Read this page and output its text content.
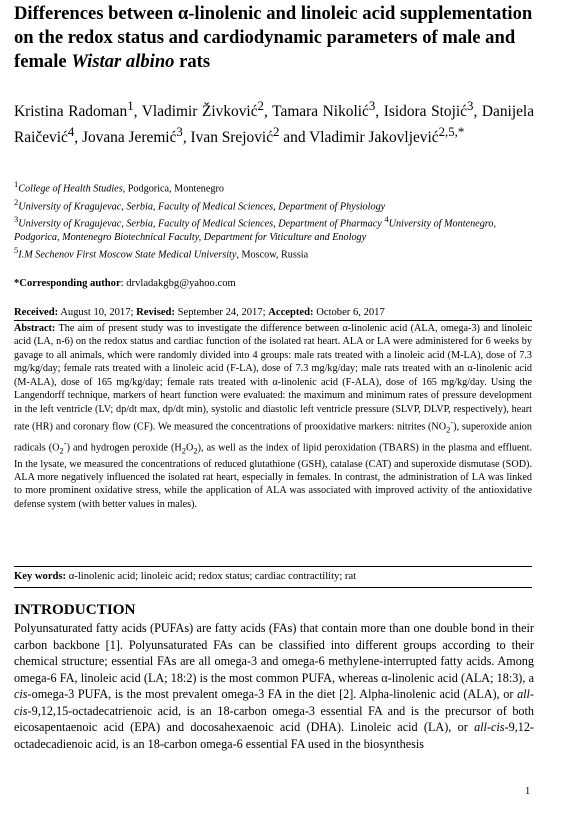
Differences between α-linolenic and linoleic acid supplementation on the redox status and cardiodynamic parameters of male and female Wistar albino rats
Kristina Radoman$^1$, Vladimir Živković$^2$, Tamara Nikolić$^3$, Isidora Stojić$^3$, Danijela Raičević$^4$, Jovana Jeremić$^3$, Ivan Srejović$^2$ and Vladimir Jakovljević$^{2,5,*}$
$^1$College of Health Studies, Podgorica, Montenegro
$^2$University of Kragujevac, Serbia, Faculty of Medical Sciences, Department of Physiology
$^3$University of Kragujevac, Serbia, Faculty of Medical Sciences, Department of Pharmacy $^4$University of Montenegro, Podgorica, Montenegro Biotechnical Faculty, Department for Viticulture and Enology
$^5$I.M Sechenov First Moscow State Medical University, Moscow, Russia
*Corresponding author: drvladakgbg@yahoo.com
Received: August 10, 2017; Revised: September 24, 2017; Accepted: October 6, 2017
Abstract: The aim of present study was to investigate the difference between α-linolenic acid (ALA, omega-3) and linoleic acid (LA, n-6) on the redox status and cardiac function of the isolated rat heart. ALA or LA were administered for 6 weeks by gavage to all animals, which were randomly divided into 4 groups: male rats treated with a linoleic acid (M-LA), dose of 7.3 mg/kg/day; female rats treated with a linoleic acid (F-LA), dose of 7.3 mg/kg/day; male rats treated with an α-linolenic acid (M-ALA), dose of 165 mg/kg/day; female rats treated with α-linolenic acid (F-ALA), dose of 165 mg/kg/day. Using the Langendorff technique, markers of heart function were evaluated: the maximum and minimum rates of pressure development in the left ventricle (LV; dp/dt max, dp/dt min), systolic and diastolic left ventricle pressure (SLVP, DLVP, respectively), heart rate (HR) and coronary flow (CF). We measured the concentrations of prooxidative markers: nitrites $(NO_2^-)$, superoxide anion radicals $(O_2^-)$ and hydrogen peroxide $(H_2O_2)$, as well as the index of lipid peroxidation (TBARS) in the plasma and effluent. In the lysate, we measured the concentrations of reduced glutathione (GSH), catalase (CAT) and superoxide dismutase (SOD). ALA more negatively influenced the isolated rat heart, especially in females. In contrast, the administration of LA was linked to more prominent oxidative stress, while the application of ALA was associated with improved activity of the antioxidative defense system (with better values in males).
Key words: α-linolenic acid; linoleic acid; redox status; cardiac contractility; rat
INTRODUCTION
Polyunsaturated fatty acids (PUFAs) are fatty acids (FAs) that contain more than one double bond in their carbon backbone [1]. Polyunsaturated FAs can be classified into different groups according to their chemical structure; essential FAs are all omega-3 and omega-6 methylene-interrupted fatty acids. Among omega-6 FA, linoleic acid (LA; 18:2) is the most common PUFA, whereas α-linolenic acid (ALA; 18:3), a cis-omega-3 PUFA, is the most prevalent omega-3 FA in the diet [2]. Alpha-linolenic acid (ALA), or all-cis-9,12,15-octadecatrienoic acid, is an 18-carbon omega-3 essential FA and is the precursor of both eicosapentaenoic acid (EPA) and docosahexaenoic acid (DHA). Linoleic acid (LA), or all-cis-9,12-octadecadienoic acid, is an 18-carbon omega-6 essential FA used in the biosynthesis
1
